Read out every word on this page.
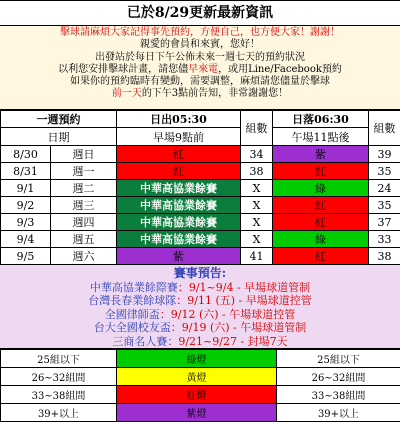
已於8/29更新最新資訊
擊球請麻煩大家記得事先預約，方便自己，也方便大家！謝謝！
親愛的會員和來賓，您好！
出發站於每日下午公佈未來一週七天的預約狀況
以利您安排擊球計畫，請您儘早來電，或用Line/Facebook預約
如果你的預約臨時有變動，需要調整，麻煩請您儘量於擊球
前一天的下午3點前告知，非常謝謝您！
一週預約		日出05:30	組數	日落06:30	組數
日期		早場9點前		午場11點後	
8/30	週日	紅	34	紫	39
8/31	週一	紅	38	紅	35
9/1	週二	中華高協業餘賽	X	綠	24
9/2	週三	中華高協業餘賽	X	紅	35
9/3	週四	中華高協業餘賽	X	紅	37
9/4	週五	中華高協業餘賽	X	綠	33
9/5	週六	紫	41	紅	38
賽事預告:
中華高協業餘際賽：9/1~9/4 - 早場球道管制
台灣長春業餘球隊：9/11 (五) - 早場球道控管
全國律師盃：9/12 (六) - 午場球道控管
台大全國校友盃：9/19 (六) - 午場球道管制
三商名人賽：9/21~9/27 - 封場7天
25組以下	綠燈	25組以下
26~32組間	黃燈	26~32組間
33~38組間	紅燈	33~38組間
39+以上	紫燈	39+以上
